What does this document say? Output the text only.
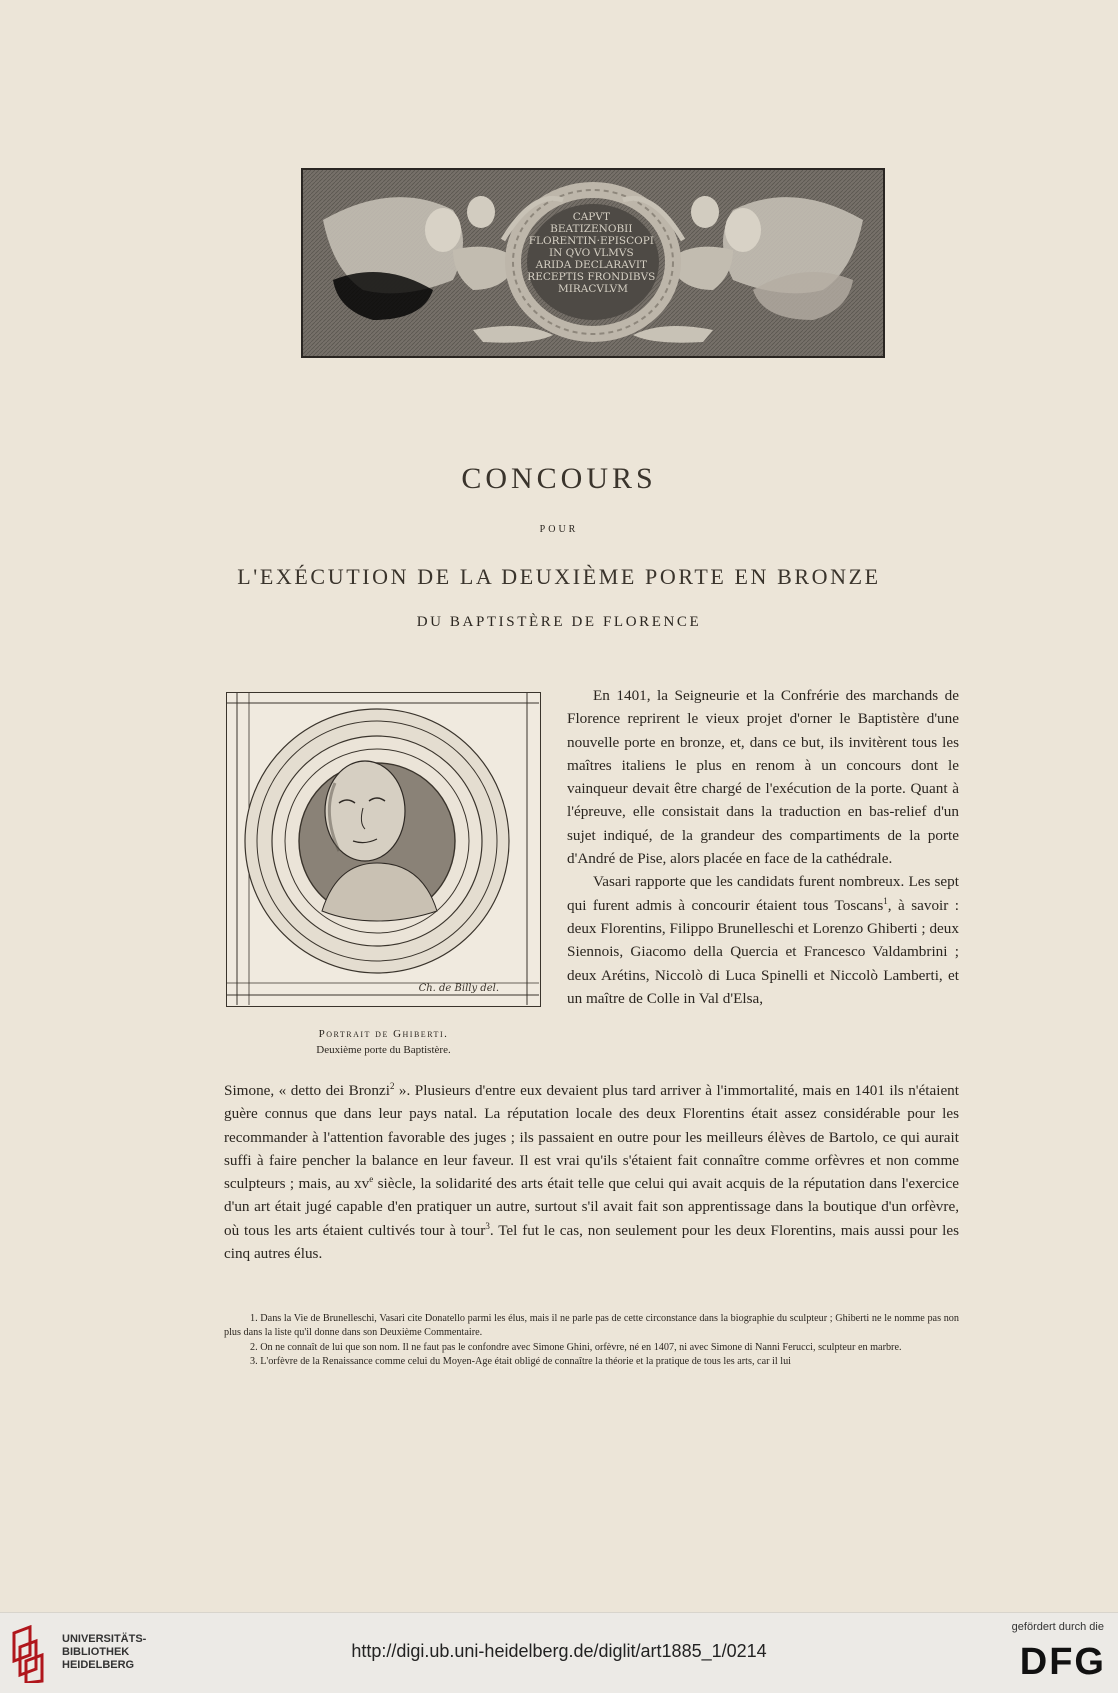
CAPVT BEATIZENOBII FLORENTIN·EPISCOPI IN QVO VLMVS ARIDA DECLARAVIT RECEPTIS FRONDIBVS MIRACVLVM
CONCOURS
POUR
L'EXÉCUTION DE LA DEUXIÈME PORTE EN BRONZE
DU BAPTISTÈRE DE FLORENCE
Ch. de Billy del.
Portrait de Ghiberti.
Deuxième porte du Baptistère.

En 1401, la Seigneurie et la Confrérie des marchands de Florence reprirent le vieux projet d'orner le Baptistère d'une nouvelle porte en bronze, et, dans ce but, ils invitèrent tous les maîtres italiens le plus en renom à un concours dont le vainqueur devait être chargé de l'exécution de la porte. Quant à l'épreuve, elle consistait dans la traduction en bas-relief d'un sujet indiqué, de la grandeur des compartiments de la porte d'André de Pise, alors placée en face de la cathédrale.

Vasari rapporte que les candidats furent nombreux. Les sept qui furent admis à concourir étaient tous Toscans$^1$, à savoir : deux Florentins, Filippo Brunelleschi et Lorenzo Ghiberti ; deux Siennois, Giacomo della Quercia et Francesco Valdambrini ; deux Arétins, Niccolò di Luca Spinelli et Niccolò Lamberti, et un maître de Colle in Val d'Elsa,

Simone, « detto dei Bronzi$^2$ ». Plusieurs d'entre eux devaient plus tard arriver à l'immortalité, mais en 1401 ils n'étaient guère connus que dans leur pays natal. La réputation locale des deux Florentins était assez considérable pour les recommander à l'attention favorable des juges ; ils passaient en outre pour les meilleurs élèves de Bartolo, ce qui aurait suffi à faire pencher la balance en leur faveur. Il est vrai qu'ils s'étaient fait connaître comme orfèvres et non comme sculpteurs ; mais, au $xv^e$ siècle, la solidarité des arts était telle que celui qui avait acquis de la réputation dans l'exercice d'un art était jugé capable d'en pratiquer un autre, surtout s'il avait fait son apprentissage dans la boutique d'un orfèvre, où tous les arts étaient cultivés tour à tour$^3$. Tel fut le cas, non seulement pour les deux Florentins, mais aussi pour les cinq autres élus.

1. Dans la Vie de Brunelleschi, Vasari cite Donatello parmi les élus, mais il ne parle pas de cette circonstance dans la biographie du sculpteur ; Ghiberti ne le nomme pas non plus dans la liste qu'il donne dans son Deuxième Commentaire.

2. On ne connaît de lui que son nom. Il ne faut pas le confondre avec Simone Ghini, orfèvre, né en 1407, ni avec Simone di Nanni Ferucci, sculpteur en marbre.

3. L'orfèvre de la Renaissance comme celui du Moyen-Age était obligé de connaître la théorie et la pratique de tous les arts, car il lui

UNIVERSITÄTS-
BIBLIOTHEK
HEIDELBERG
http://digi.ub.uni-heidelberg.de/diglit/art1885_1/0214
gefördert durch die
DFG
